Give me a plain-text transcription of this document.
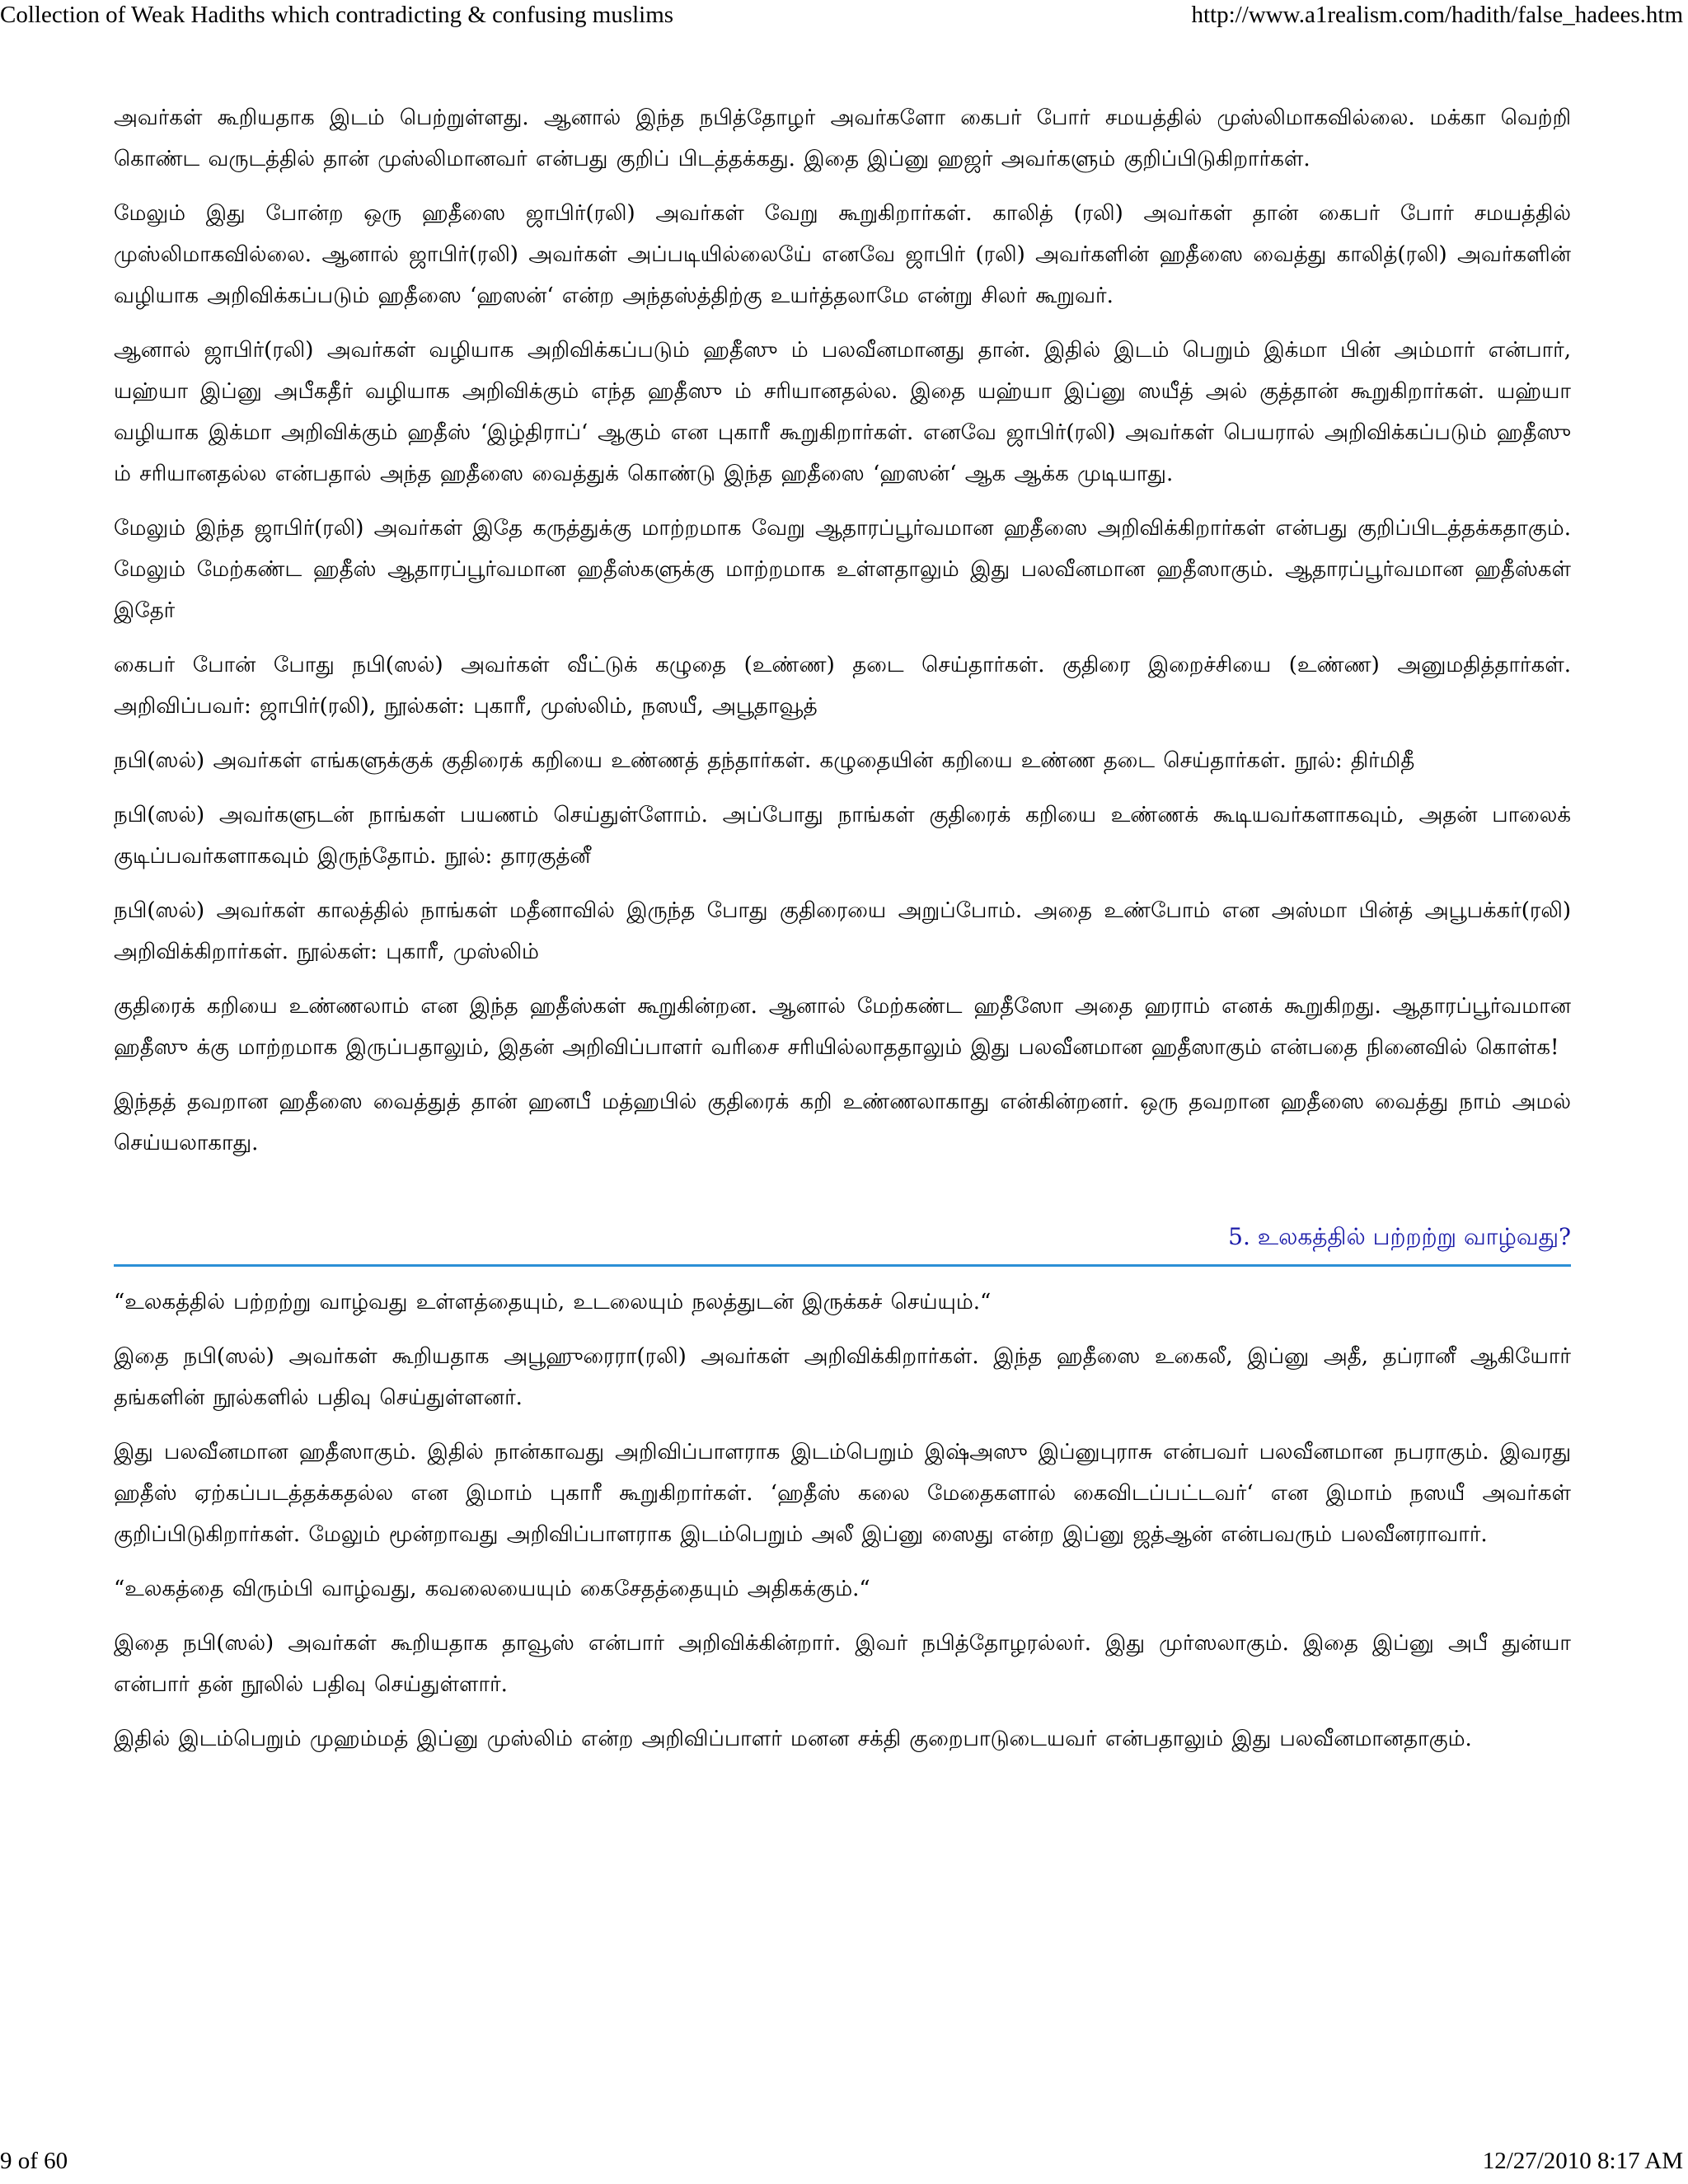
Collection of Weak Hadiths which contradicting & confusing muslims	http://www.a1realism.com/hadith/false_hadees.htm

அவர்கள் கூறியதாக இடம் பெற்றுள்ளது. ஆனால் இந்த நபித்தோழர் அவர்களோ கைபர் போர் சமயத்தில் முஸ்லிமாகவில்லை. மக்கா வெற்றி கொண்ட வருடத்தில் தான் முஸ்லிமானவர் என்பது குறிப் பிடத்தக்கது. இதை இப்னு ஹஜர் அவர்களும் குறிப்பிடுகிறார்கள்.

மேலும் இது போன்ற ஒரு ஹதீஸை ஜாபிர்(ரலி) அவர்கள் வேறு கூறுகிறார்கள். காலித் (ரலி) அவர்கள் தான் கைபர் போர் சமயத்தில் முஸ்லிமாகவில்லை. ஆனால் ஜாபிர்(ரலி) அவர்கள் அப்படியில்லையே் எனவே ஜாபிர் (ரலி) அவர்களின் ஹதீஸை வைத்து காலித்(ரலி) அவர்களின் வழியாக அறிவிக்கப்படும் ஹதீஸை ‘ஹஸன்‘ என்ற அந்தஸ்த்திற்கு உயர்த்தலாமே என்று சிலர் கூறுவர்.

ஆனால் ஜாபிர்(ரலி) அவர்கள் வழியாக அறிவிக்கப்படும் ஹதீஸு ம் பலவீனமானது தான். இதில் இடம் பெறும் இக்மா பின் அம்மார் என்பார், யஹ்யா இப்னு அபீகதீர் வழியாக அறிவிக்கும் எந்த ஹதீஸு ம் சரியானதல்ல. இதை யஹ்யா இப்னு ஸயீத் அல் குத்தான் கூறுகிறார்கள். யஹ்யா வழியாக இக்மா அறிவிக்கும் ஹதீஸ் ‘இழ்திராப்‘ ஆகும் என புகாரீ கூறுகிறார்கள். எனவே ஜாபிர்(ரலி) அவர்கள் பெயரால் அறிவிக்கப்படும் ஹதீஸு ம் சரியானதல்ல என்பதால் அந்த ஹதீஸை வைத்துக் கொண்டு இந்த ஹதீஸை ‘ஹஸன்‘ ஆக ஆக்க முடியாது.

மேலும் இந்த ஜாபிர்(ரலி) அவர்கள் இதே கருத்துக்கு மாற்றமாக வேறு ஆதாரப்பூர்வமான ஹதீஸை அறிவிக்கிறார்கள் என்பது குறிப்பிடத்தக்கதாகும். மேலும் மேற்கண்ட ஹதீஸ் ஆதாரப்பூர்வமான ஹதீஸ்களுக்கு மாற்றமாக உள்ளதாலும் இது பலவீனமான ஹதீஸாகும். ஆதாரப்பூர்வமான ஹதீஸ்கள் இதோ்

கைபர் போன் போது நபி(ஸல்) அவர்கள் வீட்டுக் கழுதை (உண்ண) தடை செய்தார்கள். குதிரை இறைச்சியை (உண்ண) அனுமதித்தார்கள். அறிவிப்பவர்: ஜாபிர்(ரலி), நூல்கள்: புகாரீ, முஸ்லிம், நஸயீ, அபூதாவூத்

நபி(ஸல்) அவர்கள் எங்களுக்குக் குதிரைக் கறியை உண்ணத் தந்தார்கள். கழுதையின் கறியை உண்ண தடை செய்தார்கள். நூல்: திர்மிதீ

நபி(ஸல்) அவர்களுடன் நாங்கள் பயணம் செய்துள்ளோம். அப்போது நாங்கள் குதிரைக் கறியை உண்ணக் கூடியவர்களாகவும், அதன் பாலைக் குடிப்பவர்களாகவும் இருந்தோம். நூல்: தாரகுத்னீ

நபி(ஸல்) அவர்கள் காலத்தில் நாங்கள் மதீனாவில் இருந்த போது குதிரையை அறுப்போம். அதை உண்போம் என அஸ்மா பின்த் அபூபக்கர்(ரலி) அறிவிக்கிறார்கள். நூல்கள்: புகாரீ, முஸ்லிம்

குதிரைக் கறியை உண்ணலாம் என இந்த ஹதீஸ்கள் கூறுகின்றன. ஆனால் மேற்கண்ட ஹதீஸோ அதை ஹராம் எனக் கூறுகிறது. ஆதாரப்பூர்வமான ஹதீஸு க்கு மாற்றமாக இருப்பதாலும், இதன் அறிவிப்பாளர் வரிசை சரியில்லாததாலும் இது பலவீனமான ஹதீஸாகும் என்பதை நினைவில் கொள்க!

இந்தத் தவறான ஹதீஸை வைத்துத் தான் ஹனபீ மத்ஹபில் குதிரைக் கறி உண்ணலாகாது என்கின்றனர். ஒரு தவறான ஹதீஸை வைத்து நாம் அமல் செய்யலாகாது.

5. உலகத்தில் பற்றற்று வாழ்வது?

“உலகத்தில் பற்றற்று வாழ்வது உள்ளத்தையும், உடலையும் நலத்துடன் இருக்கச் செய்யும்.“

இதை நபி(ஸல்) அவர்கள் கூறியதாக அபூஹுரைரா(ரலி) அவர்கள் அறிவிக்கிறார்கள். இந்த ஹதீஸை உகைலீ, இப்னு அதீ, தப்ரானீ ஆகியோர் தங்களின் நூல்களில் பதிவு செய்துள்ளனர்.

இது பலவீனமான ஹதீஸாகும். இதில் நான்காவது அறிவிப்பாளராக இடம்பெறும் இஷ்அஸு இப்னுபுராசு என்பவர் பலவீனமான நபராகும். இவரது ஹதீஸ் ஏற்கப்படத்தக்கதல்ல என இமாம் புகாரீ கூறுகிறார்கள். ‘ஹதீஸ் கலை மேதைகளால் கைவிடப்பட்டவர்‘ என இமாம் நஸயீ அவர்கள் குறிப்பிடுகிறார்கள். மேலும் மூன்றாவது அறிவிப்பாளராக இடம்பெறும் அலீ இப்னு ஸைது என்ற இப்னு ஜத்ஆன் என்பவரும் பலவீனராவார்.

“உலகத்தை விரும்பி வாழ்வது, கவலையையும் கைசேதத்தையும் அதிகக்கும்.“

இதை நபி(ஸல்) அவர்கள் கூறியதாக தாவூஸ் என்பார் அறிவிக்கின்றார். இவர் நபித்தோழரல்லர். இது முர்ஸலாகும். இதை இப்னு அபீ துன்யா என்பார் தன் நூலில் பதிவு செய்துள்ளார்.

இதில் இடம்பெறும் முஹம்மத் இப்னு முஸ்லிம் என்ற அறிவிப்பாளர் மனன சக்தி குறைபாடுடையவர் என்பதாலும் இது பலவீனமானதாகும்.

9 of 60	12/27/2010 8:17 AM
